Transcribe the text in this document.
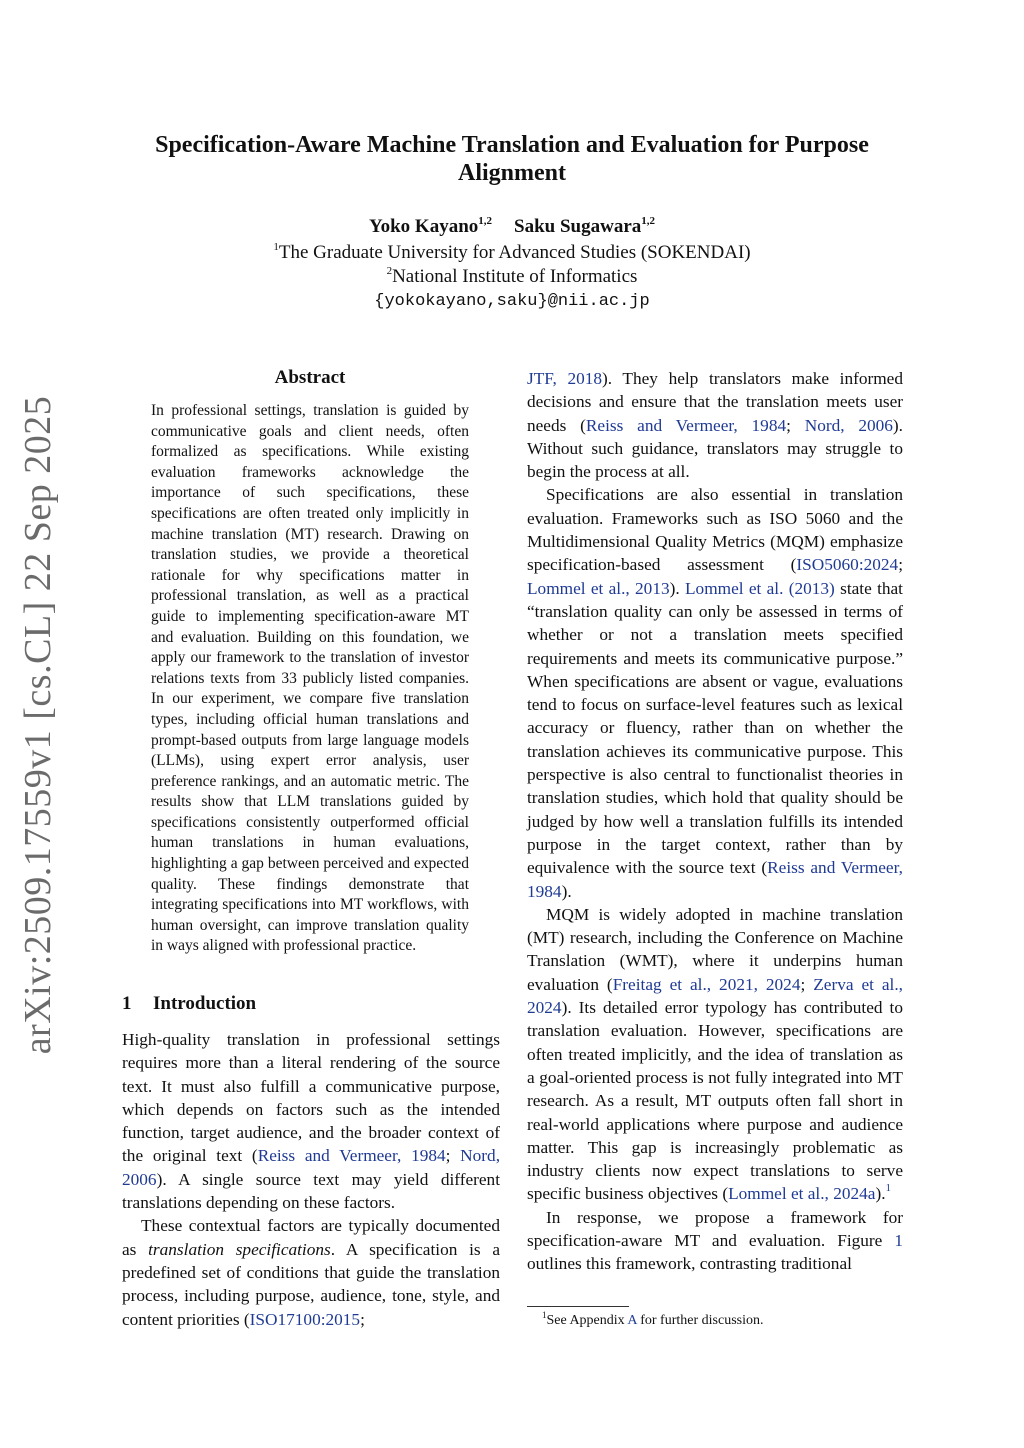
arXiv:2509.17559v1 [cs.CL] 22 Sep 2025
Specification-Aware Machine Translation and Evaluation for Purpose Alignment
Yoko Kayano$^{1,2}$ Saku Sugawara$^{1,2}$
$^1$The Graduate University for Advanced Studies (SOKENDAI)
$^2$National Institute of Informatics
{yokokayano,saku}@nii.ac.jp
Abstract

In professional settings, translation is guided by communicative goals and client needs, often formalized as specifications. While existing evaluation frameworks acknowledge the importance of such specifications, these specifications are often treated only implicitly in machine translation (MT) research. Drawing on translation studies, we provide a theoretical rationale for why specifications matter in professional translation, as well as a practical guide to implementing specification-aware MT and evaluation. Building on this foundation, we apply our framework to the translation of investor relations texts from 33 publicly listed companies. In our experiment, we compare five translation types, including official human translations and prompt-based outputs from large language models (LLMs), using expert error analysis, user preference rankings, and an automatic metric. The results show that LLM translations guided by specifications consistently outperformed official human translations in human evaluations, highlighting a gap between perceived and expected quality. These findings demonstrate that integrating specifications into MT workflows, with human oversight, can improve translation quality in ways aligned with professional practice.

1 Introduction

High-quality translation in professional settings requires more than a literal rendering of the source text. It must also fulfill a communicative purpose, which depends on factors such as the intended function, target audience, and the broader context of the original text (Reiss and Vermeer, 1984; Nord, 2006). A single source text may yield different translations depending on these factors.

These contextual factors are typically documented as translation specifications. A specification is a predefined set of conditions that guide the translation process, including purpose, audience, tone, style, and content priorities (ISO17100:2015;

JTF, 2018). They help translators make informed decisions and ensure that the translation meets user needs (Reiss and Vermeer, 1984; Nord, 2006). Without such guidance, translators may struggle to begin the process at all.

Specifications are also essential in translation evaluation. Frameworks such as ISO 5060 and the Multidimensional Quality Metrics (MQM) emphasize specification-based assessment (ISO5060:2024; Lommel et al., 2013). Lommel et al. (2013) state that “translation quality can only be assessed in terms of whether or not a translation meets specified requirements and meets its communicative purpose.” When specifications are absent or vague, evaluations tend to focus on surface-level features such as lexical accuracy or fluency, rather than on whether the translation achieves its communicative purpose. This perspective is also central to functionalist theories in translation studies, which hold that quality should be judged by how well a translation fulfills its intended purpose in the target context, rather than by equivalence with the source text (Reiss and Vermeer, 1984).

MQM is widely adopted in machine translation (MT) research, including the Conference on Machine Translation (WMT), where it underpins human evaluation (Freitag et al., 2021, 2024; Zerva et al., 2024). Its detailed error typology has contributed to translation evaluation. However, specifications are often treated implicitly, and the idea of translation as a goal-oriented process is not fully integrated into MT research. As a result, MT outputs often fall short in real-world applications where purpose and audience matter. This gap is increasingly problematic as industry clients now expect translations to serve specific business objectives (Lommel et al., 2024a).$^1$

In response, we propose a framework for specification-aware MT and evaluation. Figure 1 outlines this framework, contrasting traditional

$^1$See Appendix A for further discussion.
